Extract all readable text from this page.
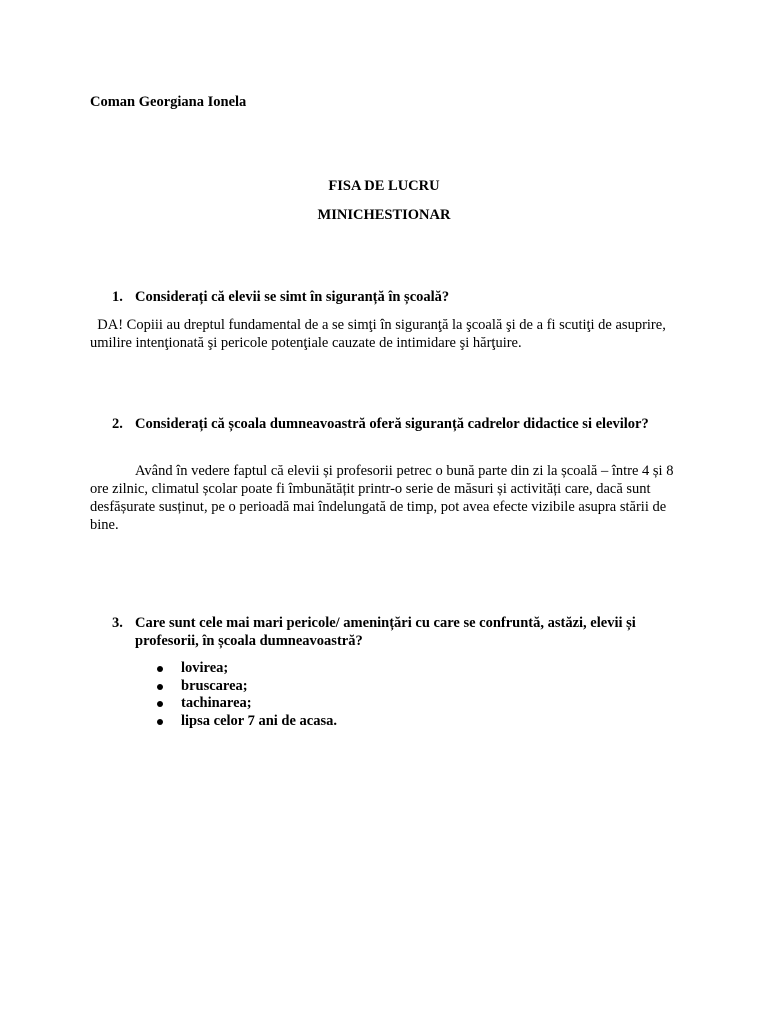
Coman Georgiana Ionela
FISA DE LUCRU
MINICHESTIONAR
1. Considerați că elevii se simt în siguranță în școală?
DA! Copiii au dreptul fundamental de a se simţi în siguranţă la şcoală şi de a fi scutiţi de asuprire, umilire intenţionată şi pericole potenţiale cauzate de intimidare şi hărţuire.
2. Considerați că școala dumneavoastră oferă siguranță cadrelor didactice si elevilor?
Având în vedere faptul că elevii și profesorii petrec o bună parte din zi la școală – între 4 și 8 ore zilnic, climatul școlar poate fi îmbunătățit printr-o serie de măsuri și activități care, dacă sunt desfășurate susținut, pe o perioadă mai îndelungată de timp, pot avea efecte vizibile asupra stării de bine.
3. Care sunt cele mai mari pericole/ amenințări cu care se confruntă, astăzi, elevii și profesorii, în școala dumneavoastră?
lovirea;
bruscarea;
tachinarea;
lipsa celor 7 ani de acasa.
